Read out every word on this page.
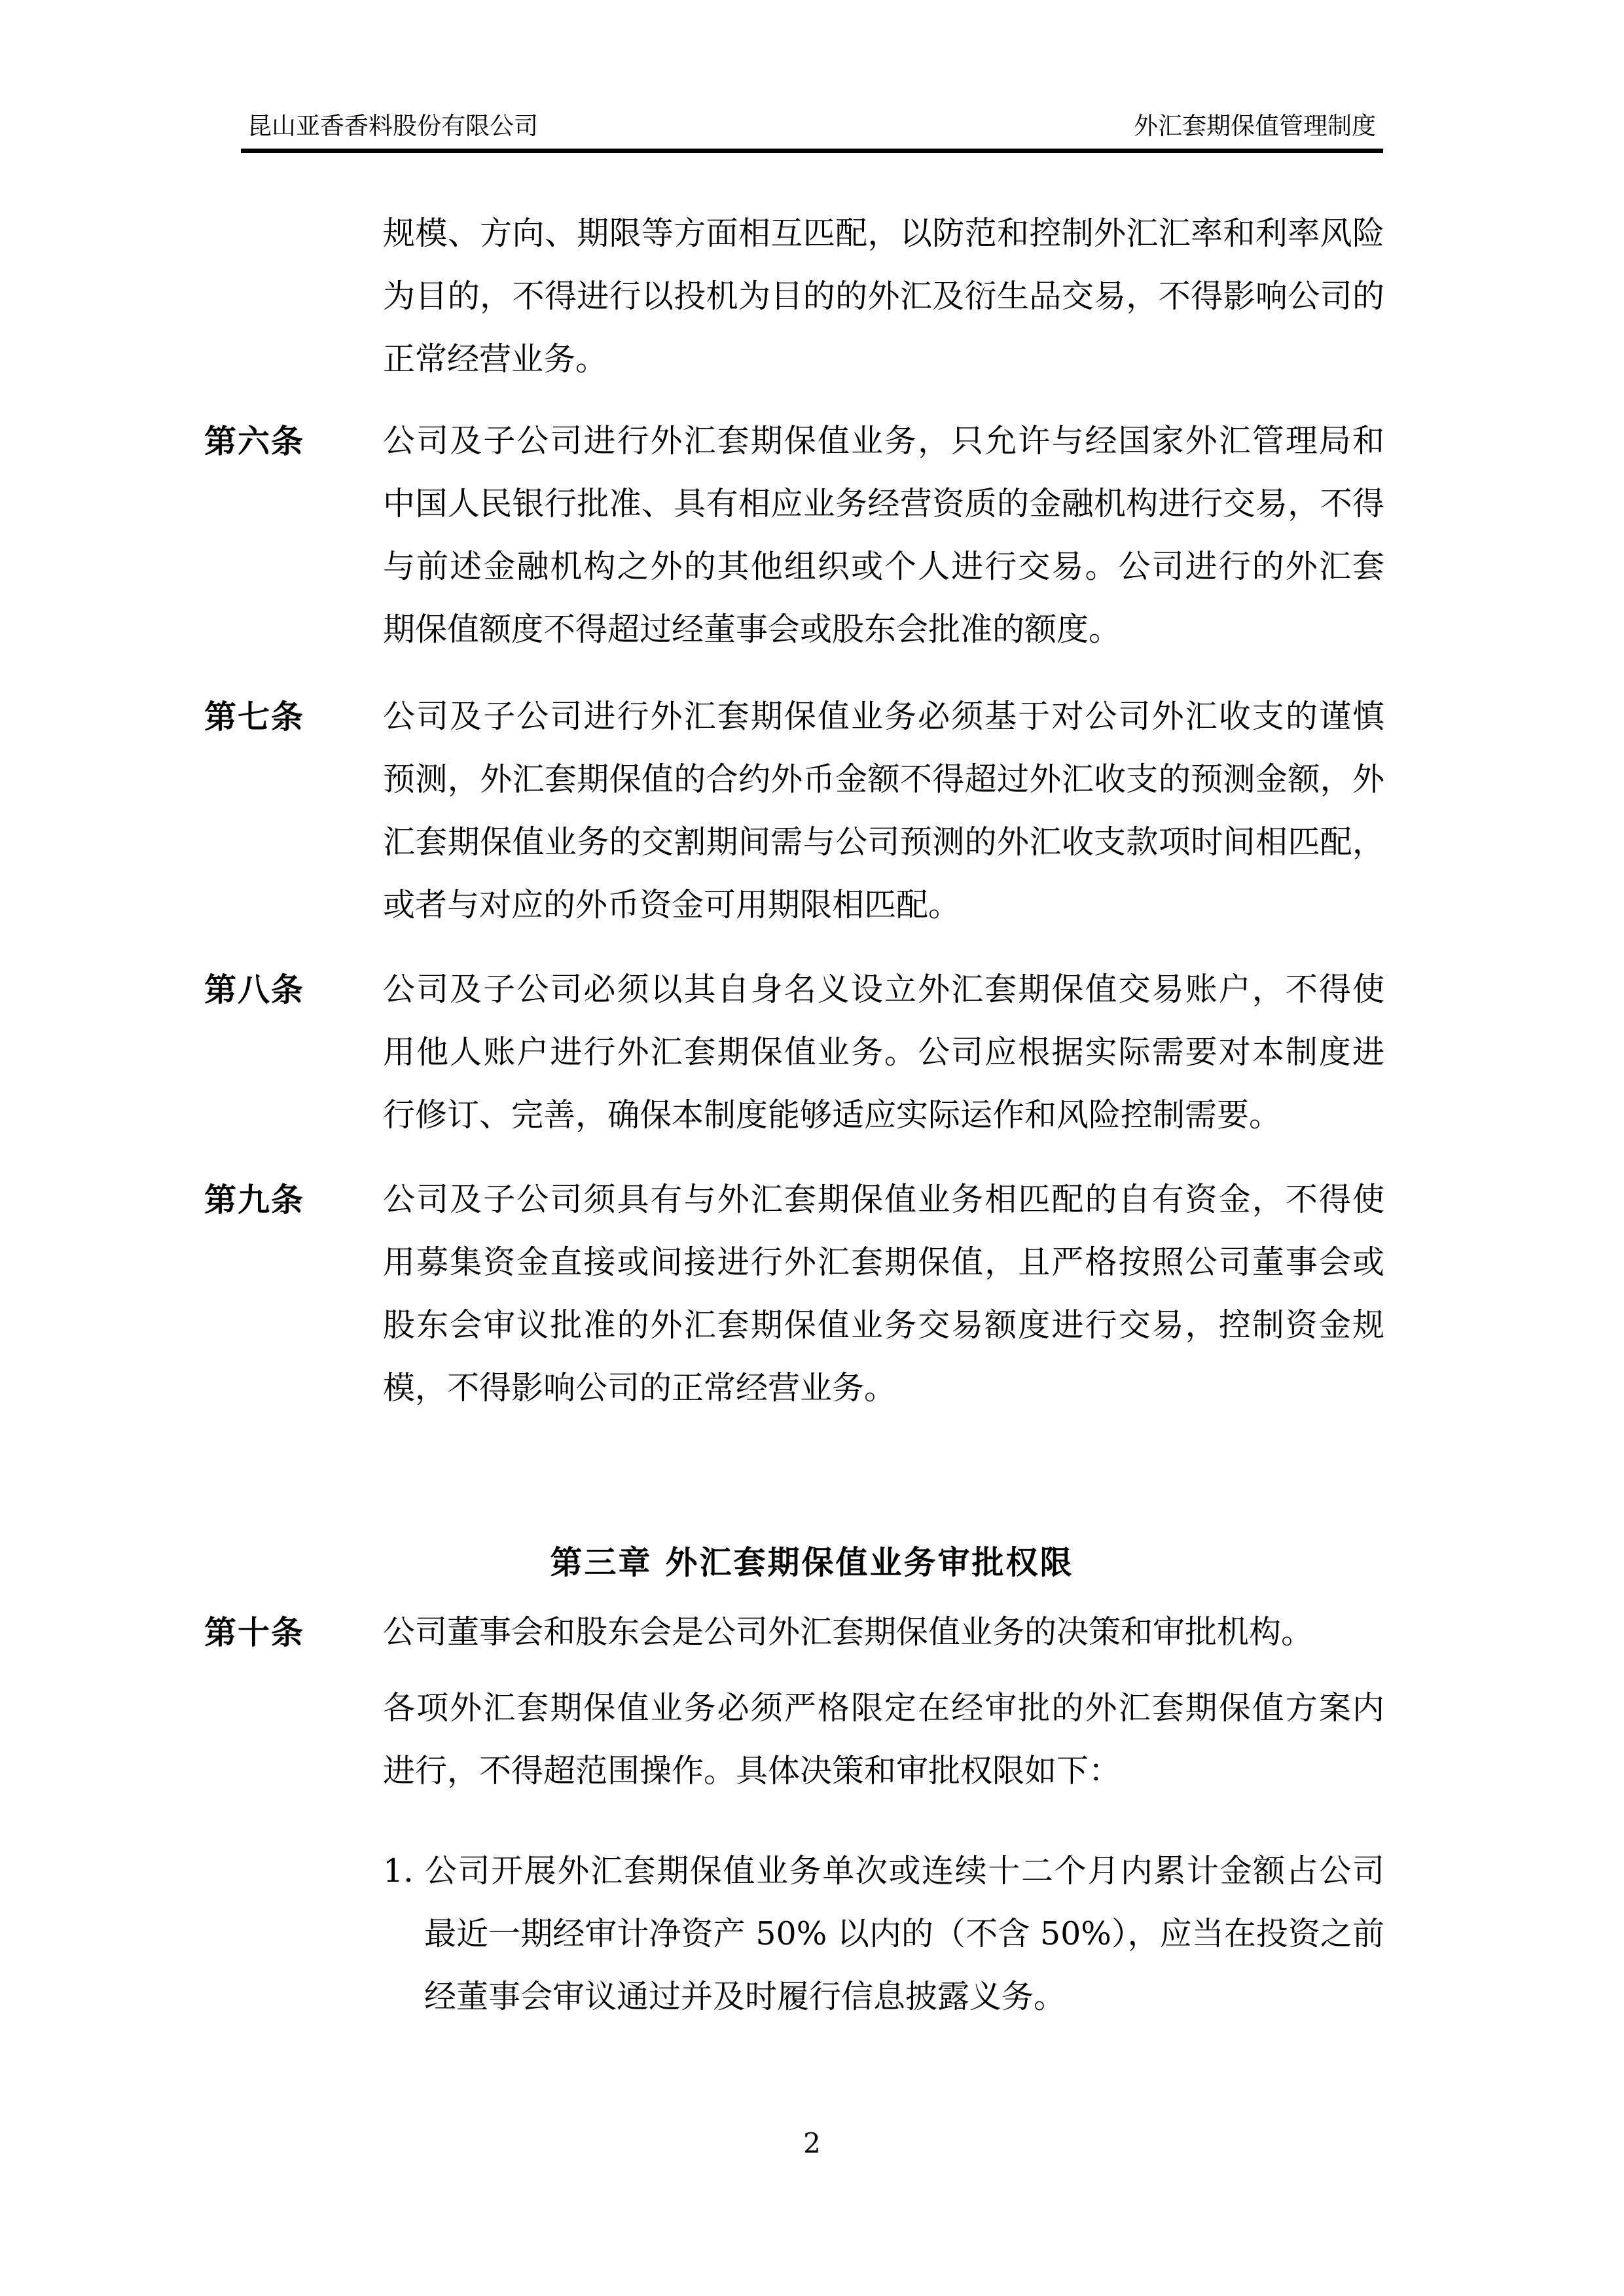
昆山亚香香料股份有限公司	外汇套期保值管理制度
规模、方向、期限等方面相互匹配，以防范和控制外汇汇率和利率风险
为目的，不得进行以投机为目的的外汇及衍生品交易，不得影响公司的
正常经营业务。
第六条 公司及子公司进行外汇套期保值业务，只允许与经国家外汇管理局和
中国人民银行批准、具有相应业务经营资质的金融机构进行交易，不得
与前述金融机构之外的其他组织或个人进行交易。公司进行的外汇套
期保值额度不得超过经董事会或股东会批准的额度。
第七条 公司及子公司进行外汇套期保值业务必须基于对公司外汇收支的谨慎
预测，外汇套期保值的合约外币金额不得超过外汇收支的预测金额，外
汇套期保值业务的交割期间需与公司预测的外汇收支款项时间相匹配，
或者与对应的外币资金可用期限相匹配。
第八条 公司及子公司必须以其自身名义设立外汇套期保值交易账户，不得使
用他人账户进行外汇套期保值业务。公司应根据实际需要对本制度进
行修订、完善，确保本制度能够适应实际运作和风险控制需要。
第九条 公司及子公司须具有与外汇套期保值业务相匹配的自有资金，不得使
用募集资金直接或间接进行外汇套期保值，且严格按照公司董事会或
股东会审议批准的外汇套期保值业务交易额度进行交易，控制资金规
模，不得影响公司的正常经营业务。
第三章 外汇套期保值业务审批权限
第十条 公司董事会和股东会是公司外汇套期保值业务的决策和审批机构。
各项外汇套期保值业务必须严格限定在经审批的外汇套期保值方案内
进行，不得超范围操作。具体决策和审批权限如下：
1. 公司开展外汇套期保值业务单次或连续十二个月内累计金额占公司
最近一期经审计净资产 50% 以内的（不含 50%），应当在投资之前
经董事会审议通过并及时履行信息披露义务。
2
